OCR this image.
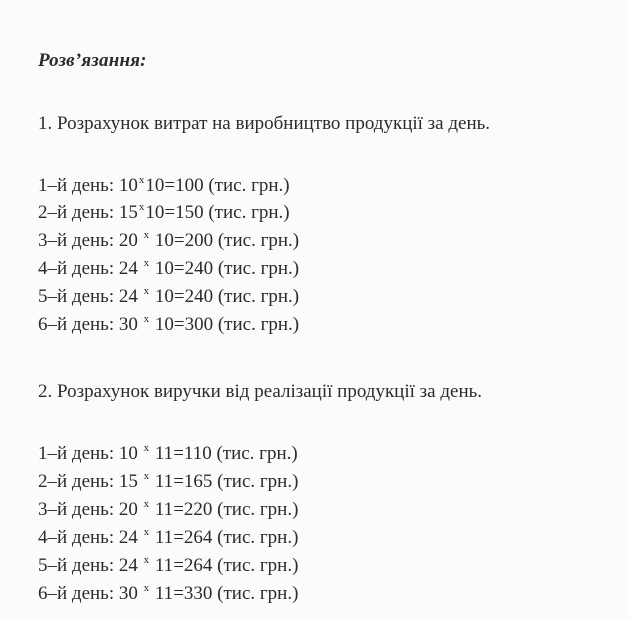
Розв’язання:
1. Розрахунок витрат на виробництво продукції за день.
1–й день: $10^x10=100$ (тис. грн.)
2–й день: $15^x10=150$ (тис. грн.)
3–й день: 20 $^x$ 10=200 (тис. грн.)
4–й день: 24 $^x$ 10=240 (тис. грн.)
5–й день: 24 $^x$ 10=240 (тис. грн.)
6–й день: 30 $^x$ 10=300 (тис. грн.)
2. Розрахунок виручки від реалізації продукції за день.
1–й день: 10 $^x$ 11=110 (тис. грн.)
2–й день: 15 $^x$ 11=165 (тис. грн.)
3–й день: 20 $^x$ 11=220 (тис. грн.)
4–й день: 24 $^x$ 11=264 (тис. грн.)
5–й день: 24 $^x$ 11=264 (тис. грн.)
6–й день: 30 $^x$ 11=330 (тис. грн.)
